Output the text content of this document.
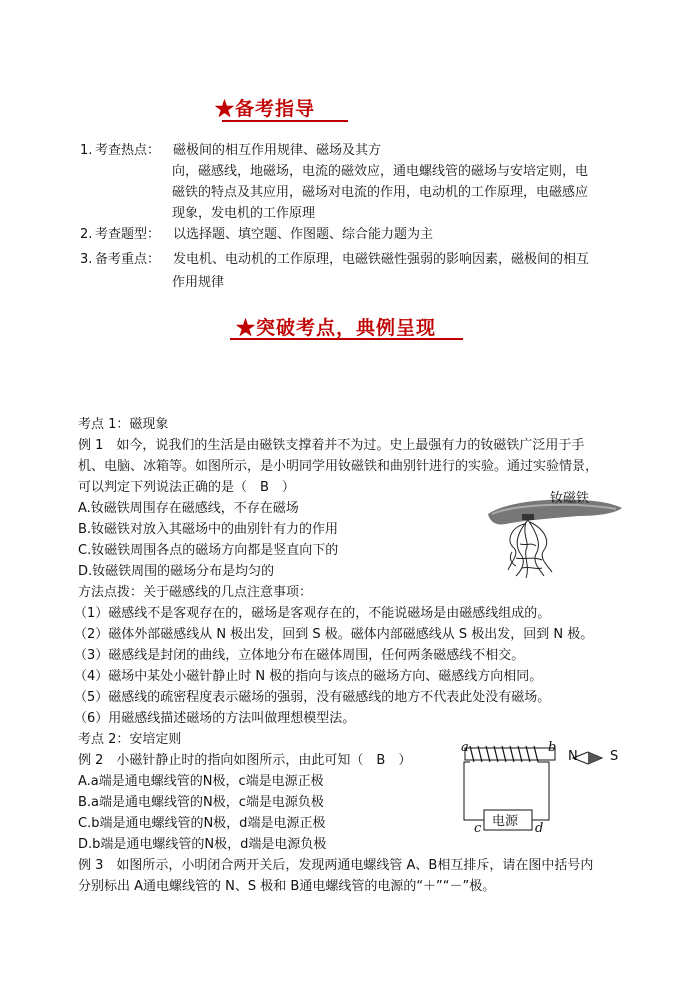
★备考指导
1. 考查热点： 磁极间的相互作用规律、磁场及其方
向，磁感线，地磁场，电流的磁效应，通电螺线管的磁场与安培定则，电
磁铁的特点及其应用，磁场对电流的作用，电动机的工作原理，电磁感应
现象，发电机的工作原理
2. 考查题型： 以选择题、填空题、作图题、综合能力题为主
3. 备考重点： 发电机、电动机的工作原理，电磁铁磁性强弱的影响因素，磁极间的相互
作用规律
★突破考点，典例呈现
考点 1：磁现象
例 1　如今，说我们的生活是由磁铁支撑着并不为过。史上最强有力的钕磁铁广泛用于手
机、电脑、冰箱等。如图所示，是小明同学用钕磁铁和曲别针进行的实验。通过实验情景，
可以判定下列说法正确的是（　B　）
A.钕磁铁周围存在磁感线，不存在磁场
B.钕磁铁对放入其磁场中的曲别针有力的作用
C.钕磁铁周围各点的磁场方向都是竖直向下的
D.钕磁铁周围的磁场分布是均匀的
方法点拨：关于磁感线的几点注意事项：
（1）磁感线不是客观存在的，磁场是客观存在的，不能说磁场是由磁感线组成的。
（2）磁体外部磁感线从 N 极出发，回到 S 极。磁体内部磁感线从 S 极出发，回到 N 极。
（3）磁感线是封闭的曲线，立体地分布在磁体周围，任何两条磁感线不相交。
（4）磁场中某处小磁针静止时 N 极的指向与该点的磁场方向、磁感线方向相同。
（5）磁感线的疏密程度表示磁场的强弱，没有磁感线的地方不代表此处没有磁场。
（6）用磁感线描述磁场的方法叫做理想模型法。
考点 2：安培定则
例 2　小磁针静止时的指向如图所示，由此可知（　B　）
A.a端是通电螺线管的N极，c端是电源正极
B.a端是通电螺线管的N极，c端是电源负极
C.b端是通电螺线管的N极，d端是电源正极
D.b端是通电螺线管的N极，d端是电源负极
例 3　如图所示，小明闭合两开关后，发现两通电螺线管 A、B相互排斥，请在图中括号内
分别标出 A通电螺线管的 N、S 极和 B通电螺线管的电源的“＋”“－”极。
钕磁铁
a	b
N S
电源
c	d
